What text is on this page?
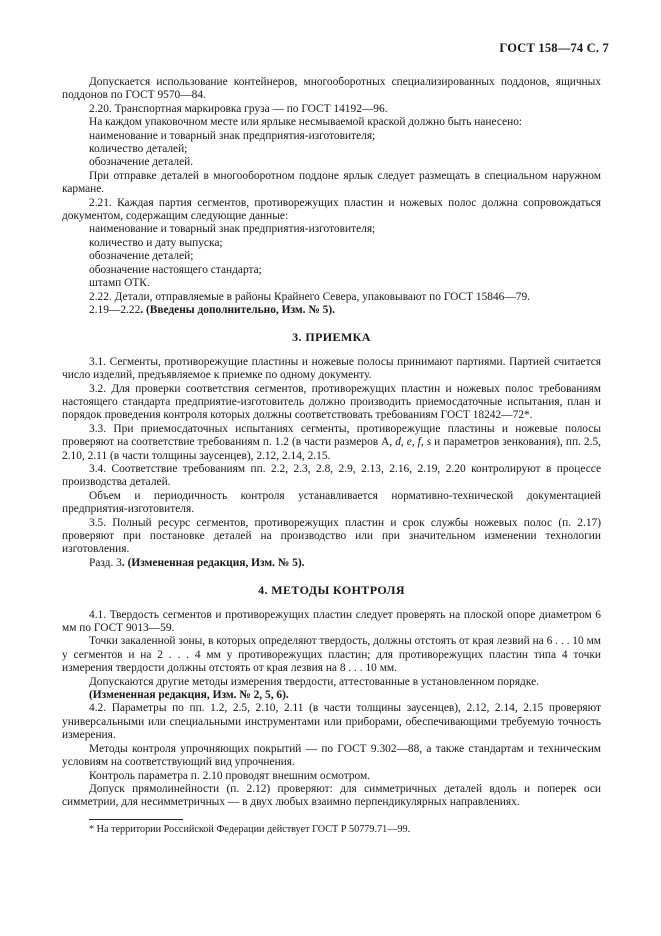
ГОСТ 158—74 С. 7

Допускается использование контейнеров, многооборотных специализированных поддонов, ящичных поддонов по ГОСТ 9570—84.

2.20. Транспортная маркировка груза — по ГОСТ 14192—96.

На каждом упаковочном месте или ярлыке несмываемой краской должно быть нанесено:

наименование и товарный знак предприятия-изготовителя;

количество деталей;

обозначение деталей.

При отправке деталей в многооборотном поддоне ярлык следует размещать в специальном наружном кармане.

2.21. Каждая партия сегментов, противорежущих пластин и ножевых полос должна сопровождаться документом, содержащим следующие данные:

наименование и товарный знак предприятия-изготовителя;

количество и дату выпуска;

обозначение деталей;

обозначение настоящего стандарта;

штамп ОТК.

2.22. Детали, отправляемые в районы Крайнего Севера, упаковывают по ГОСТ 15846—79.

2.19—2.22. (Введены дополнительно, Изм. № 5).

3. ПРИЕМКА

3.1. Сегменты, противорежущие пластины и ножевые полосы принимают партиями. Партией считается число изделий, предъявляемое к приемке по одному документу.

3.2. Для проверки соответствия сегментов, противорежущих пластин и ножевых полос требованиям настоящего стандарта предприятие-изготовитель должно производить приемосдаточные испытания, план и порядок проведения контроля которых должны соответствовать требованиям ГОСТ 18242—72*.

3.3. При приемосдаточных испытаниях сегменты, противорежущие пластины и ножевые полосы проверяют на соответствие требованиям п. 1.2 (в части размеров А, d, e, f, s и параметров зенкования), пп. 2.5, 2.10, 2.11 (в части толщины заусенцев), 2.12, 2.14, 2.15.

3.4. Соответствие требованиям пп. 2.2, 2.3, 2.8, 2.9, 2.13, 2.16, 2.19, 2.20 контролируют в процессе производства деталей.

Объем и периодичность контроля устанавливается нормативно-технической документацией предприятия-изготовителя.

3.5. Полный ресурс сегментов, противорежущих пластин и срок службы ножевых полос (п. 2.17) проверяют при постановке деталей на производство или при значительном изменении технологии изготовления.

Разд. 3. (Измененная редакция, Изм. № 5).

4. МЕТОДЫ КОНТРОЛЯ

4.1. Твердость сегментов и противорежущих пластин следует проверять на плоской опоре диаметром 6 мм по ГОСТ 9013—59.

Точки закаленной зоны, в которых определяют твердость, должны отстоять от края лезвий на 6 . . . 10 мм у сегментов и на 2 . . . 4 мм у противорежущих пластин; для противорежущих пластин типа 4 точки измерения твердости должны отстоять от края лезвия на 8 . . . 10 мм.

Допускаются другие методы измерения твердости, аттестованные в установленном порядке.

(Измененная редакция, Изм. № 2, 5, 6).

4.2. Параметры по пп. 1.2, 2.5, 2.10, 2.11 (в части толщины заусенцев), 2.12, 2.14, 2.15 проверяют универсальными или специальными инструментами или приборами, обеспечивающими требуемую точность измерения.

Методы контроля упрочняющих покрытий — по ГОСТ 9.302—88, а также стандартам и техническим условиям на соответствующий вид упрочнения.

Контроль параметра п. 2.10 проводят внешним осмотром.

Допуск прямолинейности (п. 2.12) проверяют: для симметричных деталей вдоль и поперек оси симметрии, для несимметричных — в двух любых взаимно перпендикулярных направлениях.

* На территории Российской Федерации действует ГОСТ Р 50779.71—99.
